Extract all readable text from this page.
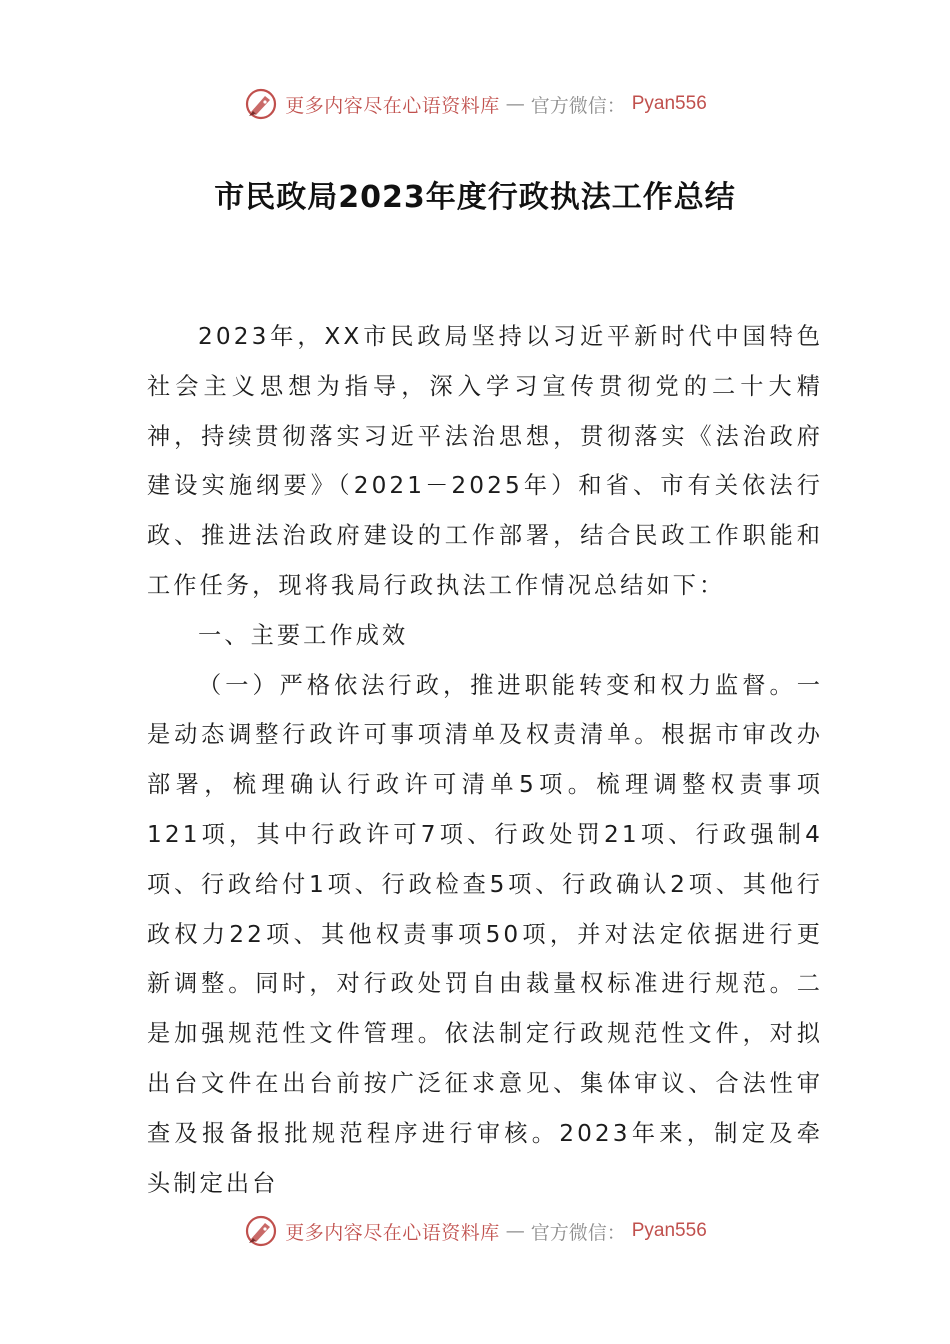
更多内容尽在心语资料库 — 官方微信： Pyan556
市民政局2023年度行政执法工作总结

2023年，XX市民政局坚持以习近平新时代中国特色社会主义思想为指导，深入学习宣传贯彻党的二十大精神，持续贯彻落实习近平法治思想，贯彻落实《法治政府建设实施纲要》（2021－2025年）和省、市有关依法行政、推进法治政府建设的工作部署，结合民政工作职能和工作任务，现将我局行政执法工作情况总结如下：

一、主要工作成效

（一）严格依法行政，推进职能转变和权力监督。一是动态调整行政许可事项清单及权责清单。根据市审改办部署，梳理确认行政许可清单5项。梳理调整权责事项121项，其中行政许可7项、行政处罚21项、行政强制4项、行政给付1项、行政检查5项、行政确认2项、其他行政权力22项、其他权责事项50项，并对法定依据进行更新调整。同时，对行政处罚自由裁量权标准进行规范。二是加强规范性文件管理。依法制定行政规范性文件，对拟出台文件在出台前按广泛征求意见、集体审议、合法性审查及报备报批规范程序进行审核。2023年来，制定及牵头制定出台

更多内容尽在心语资料库 — 官方微信： Pyan556
